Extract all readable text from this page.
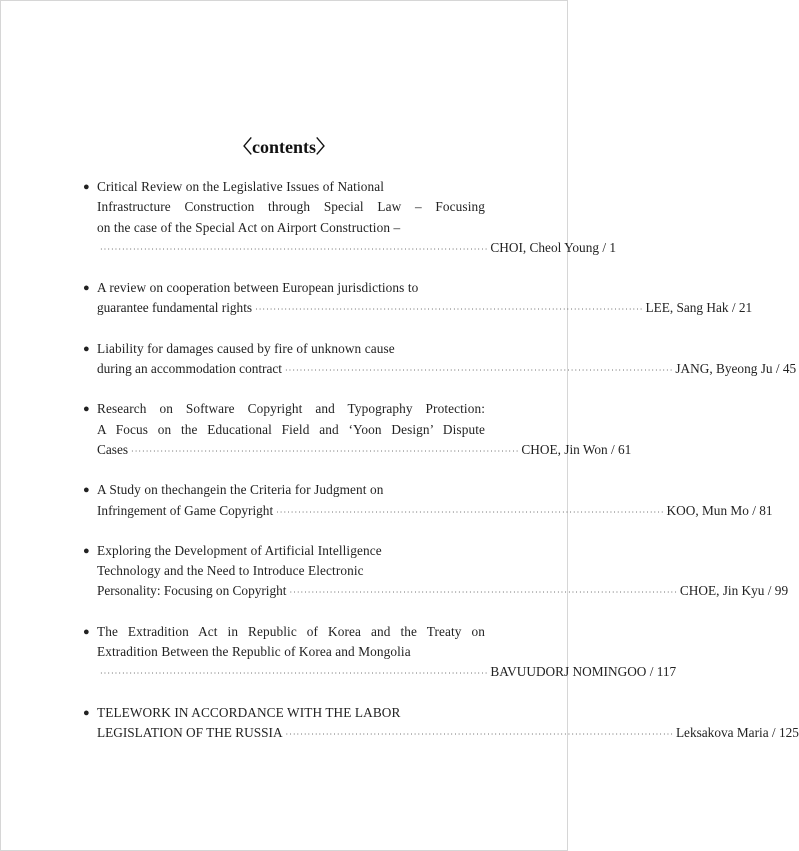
〈contents〉
● Critical Review on the Legislative Issues of National
Infrastructure Construction through Special Law – Focusing
on the case of the Special Act on Airport Construction –
·········································································································· CHOI, Cheol Young / 1
● A review on cooperation between European jurisdictions to
guarantee fundamental rights ·········································································································· LEE, Sang Hak / 21
● Liability for damages caused by fire of unknown cause
during an accommodation contract ·········································································································· JANG, Byeong Ju / 45
● Research on Software Copyright and Typography Protection:
A Focus on the Educational Field and ‘Yoon Design’ Dispute
Cases ·········································································································· CHOE, Jin Won / 61
● A Study on thechangein the Criteria for Judgment on
Infringement of Game Copyright ·········································································································· KOO, Mun Mo / 81
● Exploring the Development of Artificial Intelligence
Technology and the Need to Introduce Electronic
Personality: Focusing on Copyright ·········································································································· CHOE, Jin Kyu / 99
● The Extradition Act in Republic of Korea and the Treaty on
Extradition Between the Republic of Korea and Mongolia
·········································································································· BAVUUDORJ NOMINGOO / 117
● TELEWORK IN ACCORDANCE WITH THE LABOR
LEGISLATION OF THE RUSSIA ·········································································································· Leksakova Maria / 125
